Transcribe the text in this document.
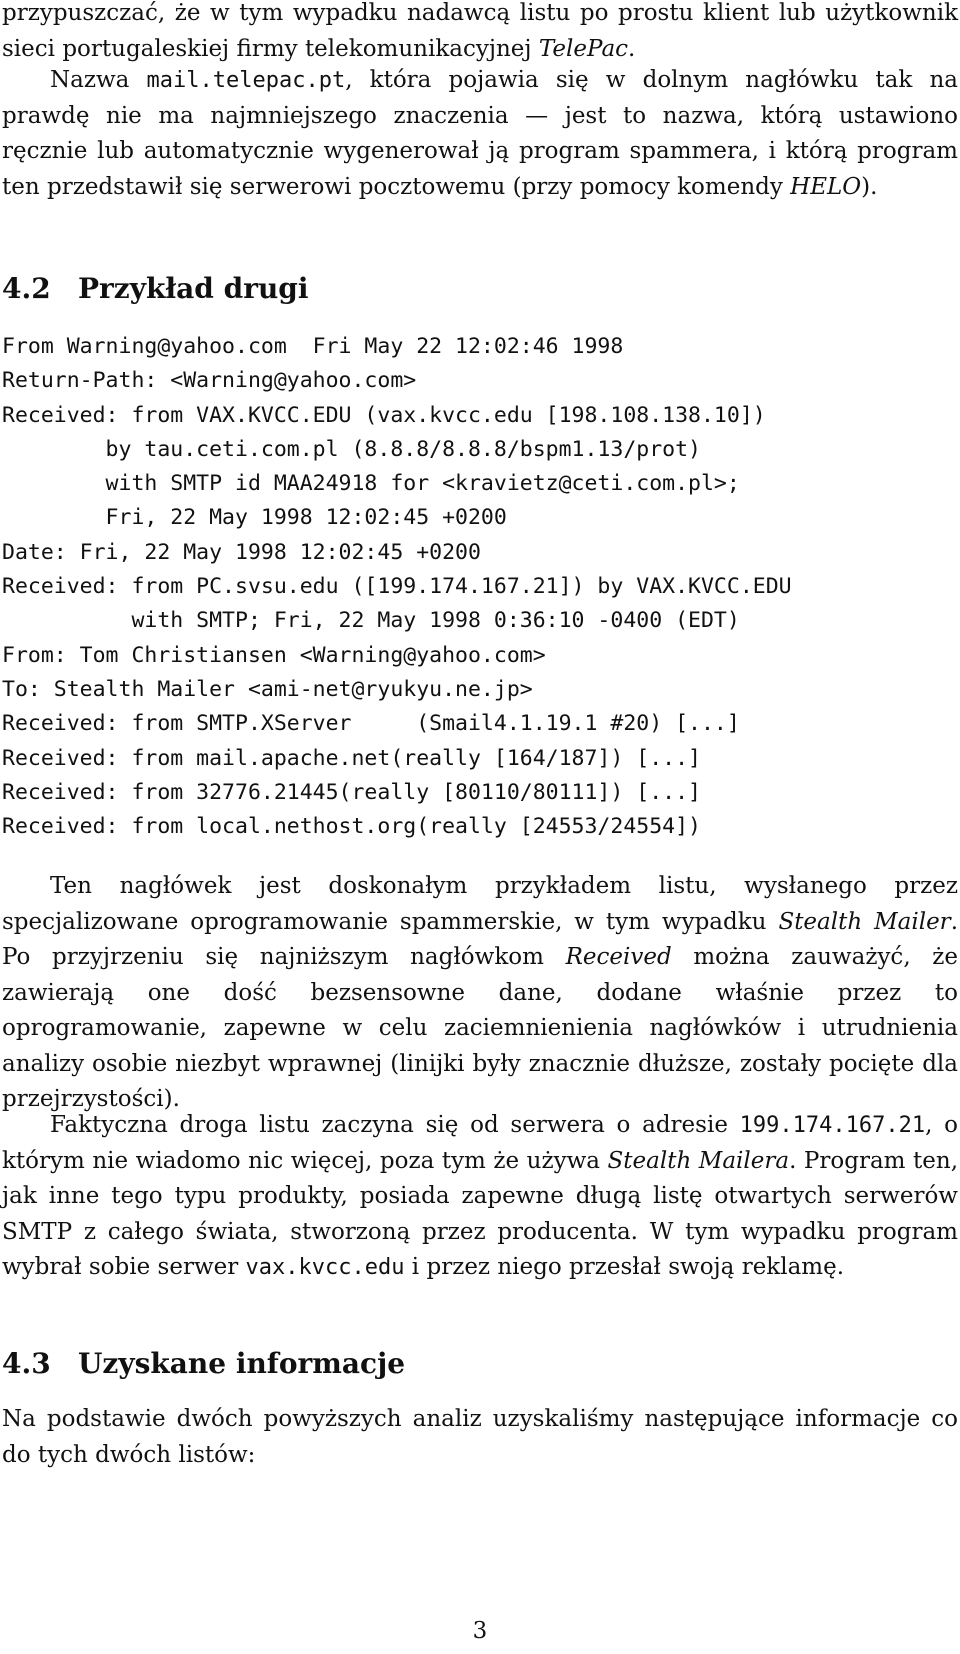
przypuszczać, że w tym wypadku nadawcą listu po prostu klient lub użytkownik sieci portugaleskiej firmy telekomunikacyjnej TelePac.

Nazwa mail.telepac.pt, która pojawia się w dolnym nagłówku tak na prawdę nie ma najmniejszego znaczenia — jest to nazwa, którą ustawiono ręcznie lub automatycznie wygenerował ją program spammera, i którą program ten przedstawił się serwerowi pocztowemu (przy pomocy komendy HELO).

4.2 Przykład drugi
From Warning@yahoo.com  Fri May 22 12:02:46 1998
Return-Path: <Warning@yahoo.com>
Received: from VAX.KVCC.EDU (vax.kvcc.edu [198.108.138.10])
by tau.ceti.com.pl (8.8.8/8.8.8/bspm1.13/prot)
with SMTP id MAA24918 for <kravietz@ceti.com.pl>;
Fri, 22 May 1998 12:02:45 +0200
Date: Fri, 22 May 1998 12:02:45 +0200
Received: from PC.svsu.edu ([199.174.167.21]) by VAX.KVCC.EDU
with SMTP; Fri, 22 May 1998 0:36:10 -0400 (EDT)
From: Tom Christiansen <Warning@yahoo.com>
To: Stealth Mailer <ami-net@ryukyu.ne.jp>
Received: from SMTP.XServer     (Smail4.1.19.1 #20) [...]
Received: from mail.apache.net(really [164/187]) [...]
Received: from 32776.21445(really [80110/80111]) [...]
Received: from local.nethost.org(really [24553/24554])

Ten nagłówek jest doskonałym przykładem listu, wysłanego przez specjalizowane oprogramowanie spammerskie, w tym wypadku Stealth Mailer. Po przyjrzeniu się najniższym nagłówkom Received można zauważyć, że zawierają one dość bezsensowne dane, dodane właśnie przez to oprogramowanie, zapewne w celu zaciemnienienia nagłówków i utrudnienia analizy osobie niezbyt wprawnej (linijki były znacznie dłuższe, zostały pocięte dla przejrzystości).

Faktyczna droga listu zaczyna się od serwera o adresie 199.174.167.21, o którym nie wiadomo nic więcej, poza tym że używa Stealth Mailera. Program ten, jak inne tego typu produkty, posiada zapewne długą listę otwartych serwerów SMTP z całego świata, stworzoną przez producenta. W tym wypadku program wybrał sobie serwer vax.kvcc.edu i przez niego przesłał swoją reklamę.

4.3 Uzyskane informacje

Na podstawie dwóch powyższych analiz uzyskaliśmy następujące informacje co do tych dwóch listów:

3
